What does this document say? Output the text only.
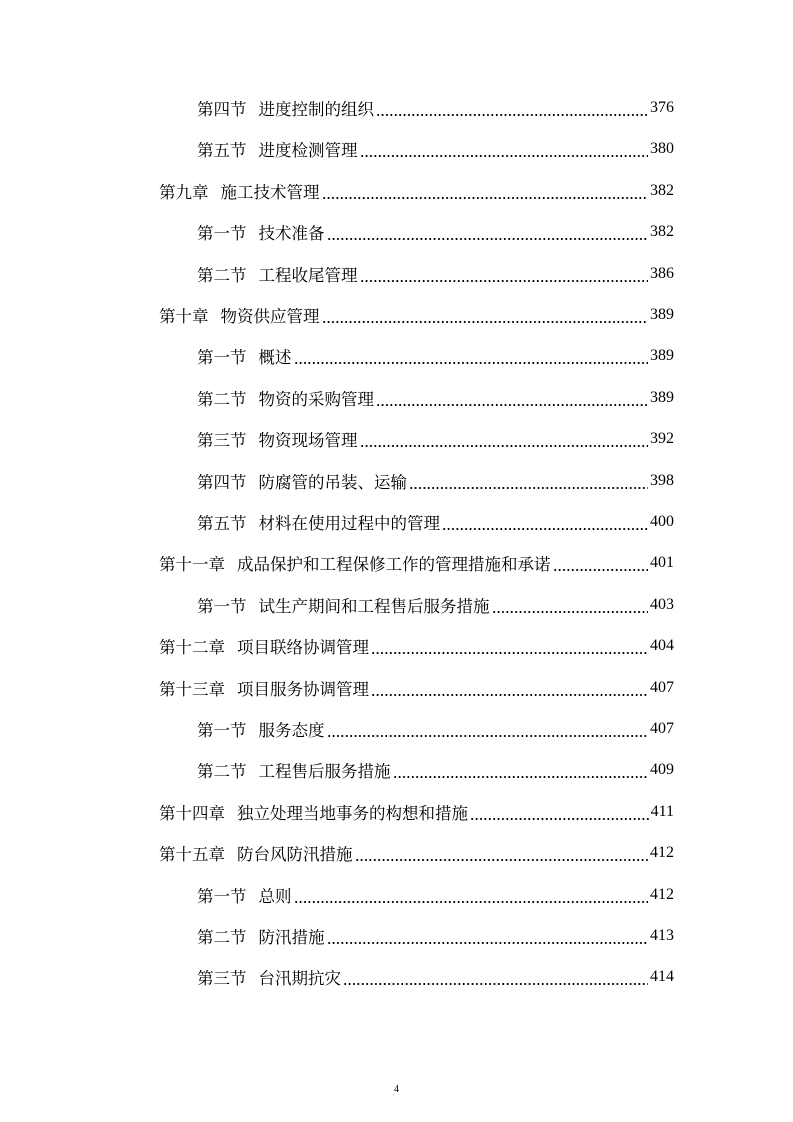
第四节 进度控制的组织	376
第五节 进度检测管理	380
第九章 施工技术管理	382
第一节 技术准备	382
第二节 工程收尾管理	386
第十章 物资供应管理	389
第一节 概述	389
第二节 物资的采购管理	389
第三节 物资现场管理	392
第四节 防腐管的吊装、运输	398
第五节 材料在使用过程中的管理	400
第十一章 成品保护和工程保修工作的管理措施和承诺	401
第一节 试生产期间和工程售后服务措施	403
第十二章 项目联络协调管理	404
第十三章 项目服务协调管理	407
第一节 服务态度	407
第二节 工程售后服务措施	409
第十四章 独立处理当地事务的构想和措施	411
第十五章 防台风防汛措施	412
第一节 总则	412
第二节 防汛措施	413
第三节 台汛期抗灾	414
4
